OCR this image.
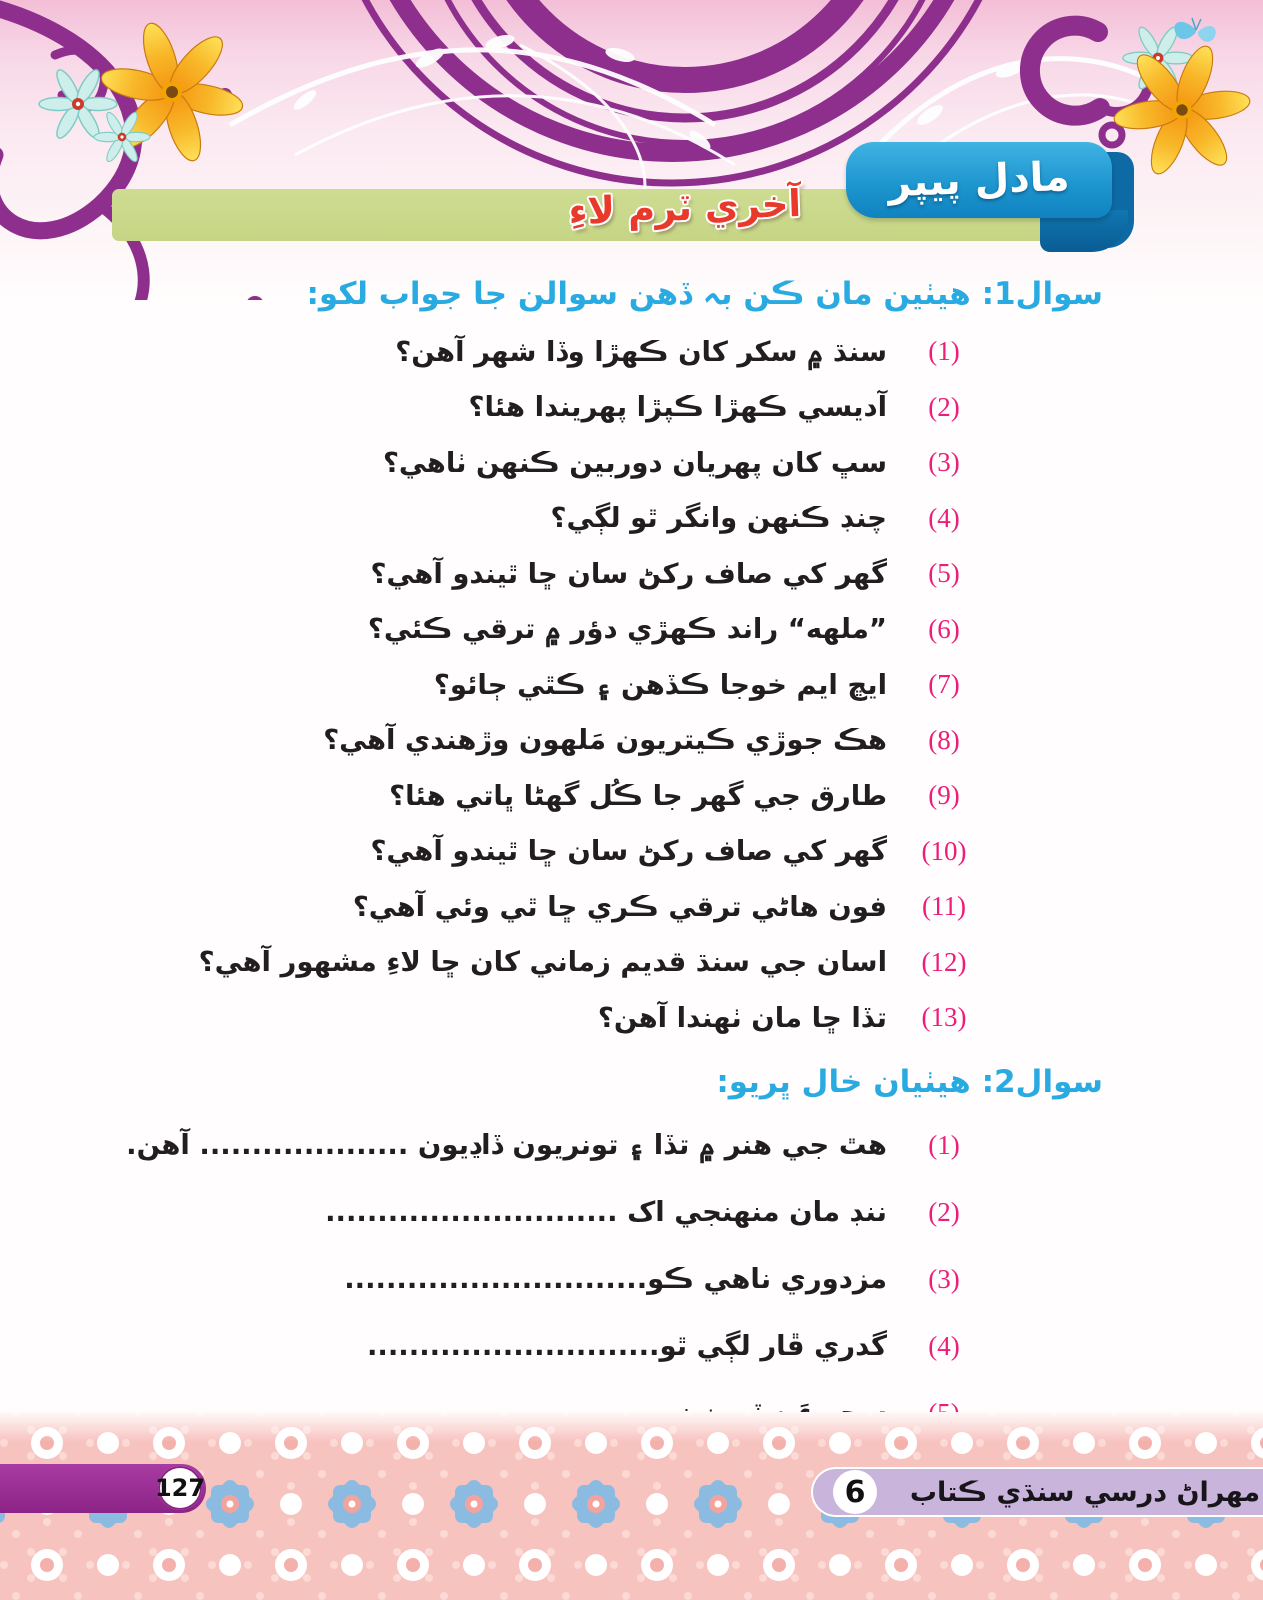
آخري ٽرم لاءِ
مادل پيپر
سوال1: هيٺين مان ڪن بہ ڏهن سوالن جا جواب لکو:
(1)
سنڌ ۾ سکر کان ڪهڙا وڏا شهر آهن؟
(2)
آديسي ڪهڙا ڪپڙا پهريندا هئا؟
(3)
سڀ کان پهريان دوربين ڪنهن ٺاهي؟
(4)
چنڊ ڪنهن وانگر ٿو لڳي؟
(5)
گهر کي صاف رکڻ سان ڇا ٿيندو آهي؟
(6)
”ملهه“ راند ڪهڙي دؤر ۾ ترقي ڪئي؟
(7)
ايڇ ايم خوجا ڪڏهن ۽ ڪٿي ڄائو؟
(8)
هڪ جوڙي ڪيتريون مَلهون وڙهندي آهي؟
(9)
طارق جي گهر جا ڪُل گهڻا ڀاتي هئا؟
(10)
گهر کي صاف رکڻ سان ڇا ٿيندو آهي؟
(11)
فون هاڻي ترقي ڪري ڇا ٿي وئي آهي؟
(12)
اسان جي سنڌ قديم زماني کان ڇا لاءِ مشهور آهي؟
(13)
تڏا ڇا مان ٺهندا آهن؟
سوال2: هيٺيان خال ڀريو:
(1)
هٿ جي هنر ۾ تڏا ۽ تونريون ڏاڍيون .................... آهن.
(2)
ننڊ مان منهنجي اک ............................
(3)
مزدوري ناهي ڪو.............................
(4)
گدري ڦار لڳي ٿو............................
127	6	مهراڻ درسي سنڌي ڪتاب
